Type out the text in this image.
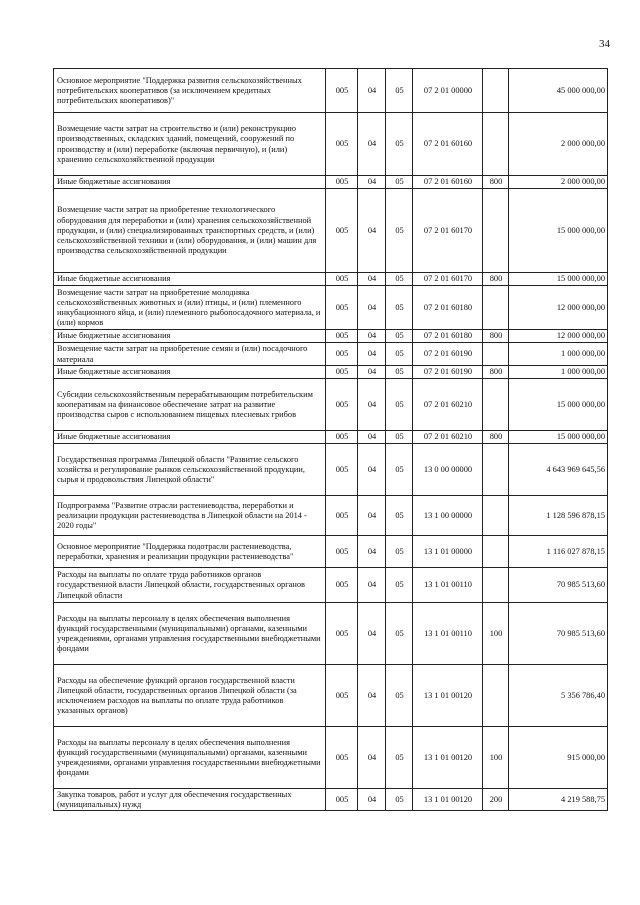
34
Основное мероприятие "Поддержка развития сельскохозяйственных потребительских кооперативов (за исключением кредитных потребительских кооперативов)"	005	04	05	07 2 01 00000		45 000 000,00
Возмещение части затрат на строительство и (или) реконструкцию производственных, складских зданий, помещений, сооружений по производству и (или) переработке (включая первичную), и (или) хранению сельскохозяйственной продукции	005	04	05	07 2 01 60160		2 000 000,00
Иные бюджетные ассигнования	005	04	05	07 2 01 60160	800	2 000 000,00
Возмещение части затрат на приобретение технологического оборудования для переработки и (или) хранения сельскохозяйственной продукции, и (или) специализированных транспортных средств, и (или) сельскохозяйственной техники и (или) оборудования, и (или) машин для производства сельскохозяйственной продукции	005	04	05	07 2 01 60170		15 000 000,00
Иные бюджетные ассигнования	005	04	05	07 2 01 60170	800	15 000 000,00
Возмещение части затрат на приобретение молодняка сельскохозяйственных животных и (или) птицы, и (или) племенного инкубационного яйца, и (или) племенного рыбопосадочного материала, и (или) кормов	005	04	05	07 2 01 60180		12 000 000,00
Иные бюджетные ассигнования	005	04	05	07 2 01 60180	800	12 000 000,00
Возмещение части затрат на приобретение семян и (или) посадочного материала	005	04	05	07 2 01 60190		1 000 000,00
Иные бюджетные ассигнования	005	04	05	07 2 01 60190	800	1 000 000,00
Субсидии сельскохозяйственным перерабатывающим потребительским кооперативам на финансовое обеспечение затрат на развитие производства сыров с использованием пищевых плесневых грибов	005	04	05	07 2 01 60210		15 000 000,00
Иные бюджетные ассигнования	005	04	05	07 2 01 60210	800	15 000 000,00
Государственная программа Липецкой области "Развитие сельского хозяйства и регулирование рынков сельскохозяйственной продукции, сырья и продовольствия Липецкой области"	005	04	05	13 0 00 00000		4 643 969 645,56
Подпрограмма "Развитие отрасли растениеводства, переработки и реализации продукции растениеводства в Липецкой области на 2014 - 2020 годы"	005	04	05	13 1 00 00000		1 128 596 878,15
Основное мероприятие "Поддержка подотрасли растениеводства, переработки, хранения и реализации продукции растениеводства"	005	04	05	13 1 01 00000		1 116 027 878,15
Расходы на выплаты по оплате труда работников органов государственной власти Липецкой области, государственных органов Липецкой области	005	04	05	13 1 01 00110		70 985 513,60
Расходы на выплаты персоналу в целях обеспечения выполнения функций государственными (муниципальными) органами, казенными учреждениями, органами управления государственными внебюджетными фондами	005	04	05	13 1 01 00110	100	70 985 513,60
Расходы на обеспечение функций органов государственной власти Липецкой области, государственных органов Липецкой области (за исключением расходов на выплаты по оплате труда работников указанных органов)	005	04	05	13 1 01 00120		5 356 786,40
Расходы на выплаты персоналу в целях обеспечения выполнения функций государственными (муниципальными) органами, казенными учреждениями, органами управления государственными внебюджетными фондами	005	04	05	13 1 01 00120	100	915 000,00
Закупка товаров, работ и услуг для обеспечения государственных (муниципальных) нужд	005	04	05	13 1 01 00120	200	4 219 588,75
